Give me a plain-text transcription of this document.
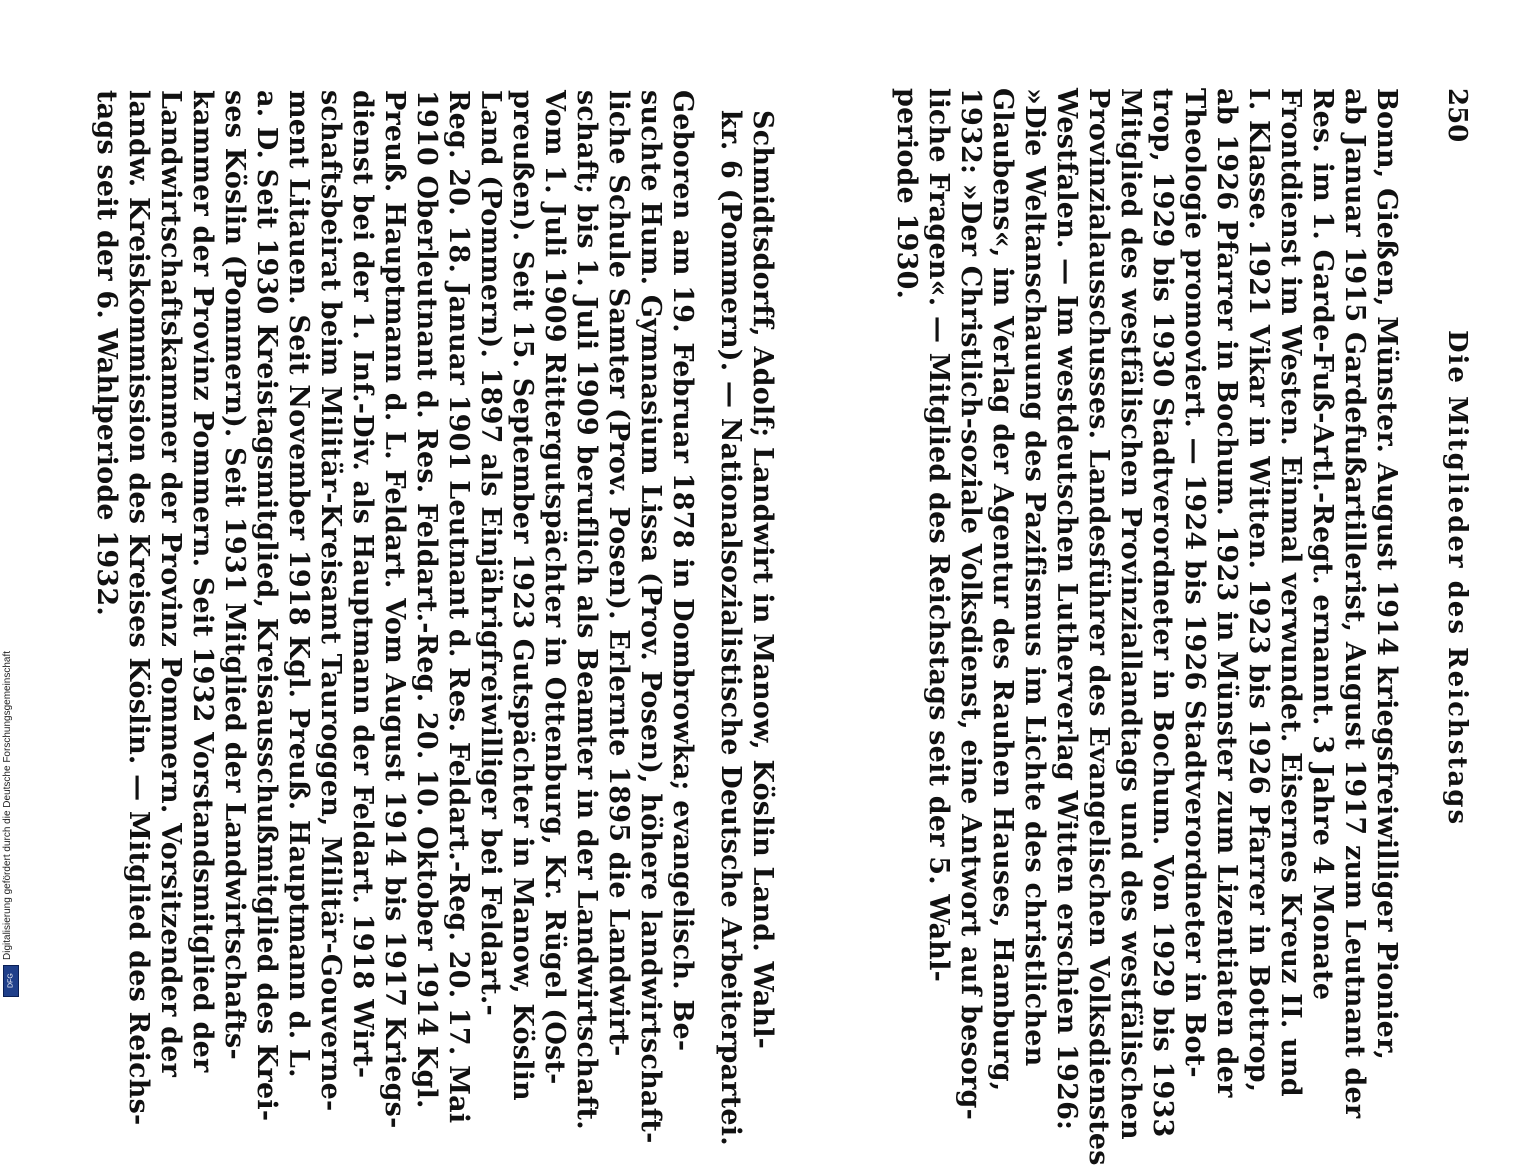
250
Die Mitglieder des Reichstags
Bonn, Gießen, Münster. August 1914 kriegsfreiwilliger Pionier,
ab Januar 1915 Gardefußartillerist, August 1917 zum Leutnant der
Res. im 1. Garde-Fuß-Artl.-Regt. ernannt. 3 Jahre 4 Monate
Frontdienst im Westen. Einmal verwundet. Eisernes Kreuz II. und
I. Klasse. 1921 Vikar in Witten. 1923 bis 1926 Pfarrer in Bottrop,
ab 1926 Pfarrer in Bochum. 1923 in Münster zum Lizentiaten der
Theologie promoviert. — 1924 bis 1926 Stadtverordneter in Bot-
trop, 1929 bis 1930 Stadtverordneter in Bochum. Von 1929 bis 1933
Mitglied des westfälischen Provinziallandtags und des westfälischen
Provinzialausschusses. Landesführer des Evangelischen Volksdienstes
Westfalen. — Im westdeutschen Lutherverlag Witten erschien 1926:
»Die Weltanschauung des Pazifismus im Lichte des christlichen
Glaubens«, im Verlag der Agentur des Rauhen Hauses, Hamburg,
1932: »Der Christlich-soziale Volksdienst, eine Antwort auf besorg-
liche Fragen«. — Mitglied des Reichstags seit der 5. Wahl-
periode 1930.
Schmidtsdorff, Adolf; Landwirt in Manow, Köslin Land. Wahl-
kr. 6 (Pommern). — Nationalsozialistische Deutsche Arbeiterpartei.
Geboren am 19. Februar 1878 in Dombrowka; evangelisch. Be-
suchte Hum. Gymnasium Lissa (Prov. Posen), höhere landwirtschaft-
liche Schule Samter (Prov. Posen). Erlernte 1895 die Landwirt-
schaft; bis 1. Juli 1909 beruflich als Beamter in der Landwirtschaft.
Vom 1. Juli 1909 Rittergutspächter in Ottenburg, Kr. Rügel (Ost-
preußen). Seit 15. September 1923 Gutspächter in Manow, Köslin
Land (Pommern). 1897 als Einjährigfreiwilliger bei Feldart.-
Reg. 20. 18. Januar 1901 Leutnant d. Res. Feldart.-Reg. 20. 17. Mai
1910 Oberleutnant d. Res. Feldart.-Reg. 20. 10. Oktober 1914 Kgl.
Preuß. Hauptmann d. L. Feldart. Vom August 1914 bis 1917 Kriegs-
dienst bei der 1. Inf.-Div. als Hauptmann der Feldart. 1918 Wirt-
schaftsbeirat beim Militär-Kreisamt Tauroggen, Militär-Gouverne-
ment Litauen. Seit November 1918 Kgl. Preuß. Hauptmann d. L.
a. D. Seit 1930 Kreistagsmitglied, Kreisausschußmitglied des Krei-
ses Köslin (Pommern). Seit 1931 Mitglied der Landwirtschafts-
kammer der Provinz Pommern. Seit 1932 Vorstandsmitglied der
Landwirtschaftskammer der Provinz Pommern. Vorsitzender der
landw. Kreiskommission des Kreises Köslin. — Mitglied des Reichs-
tags seit der 6. Wahlperiode 1932.
Digitalisierung gefördert durch die Deutsche Forschungsgemeinschaft
DFG
